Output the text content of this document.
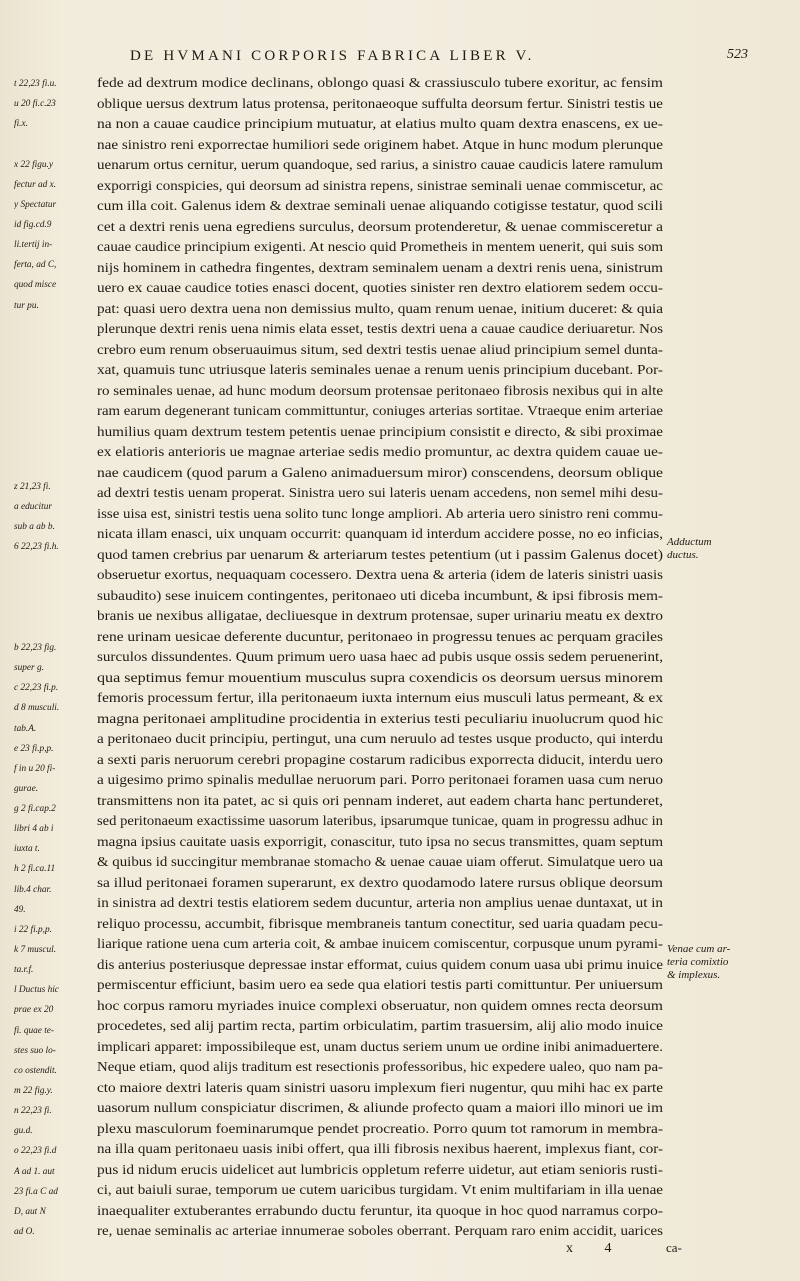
DE HVMANI CORPORIS FABRICA LIBER V.	523
t 22,23 fi.u.
u 20 fi.c.23
fi.x.
x 22 figu.y
fectur ad x.
y Spectatur
id fig.cd.9
li.tertij in-
ferta, ad C,
quod misce
tur pu.
z 21,23 fi.
a educitur
sub a ab b.
6 22,23 fi.h.
b 22,23 fig.
super g.
c 22,23 fi.p.
d 8 musculi.
tab.A.
e 23 fi.p,p.
f in u 20 fi-
gurae.
g 2 fi.cap.2
libri 4 ab i
iuxta t.
h 2 fi.ca.11
lib.4 char.
49.
i 22 fi.p,p.
k 7 muscul.
ta.r.f.
l Ductus hic
prae ex 20
fi. quae te-
stes suo lo-
co ostendit.
m 22 fig.y.
n 22,23 fi.
gu.d.
o 22,23 fi.d
A ad 1. aut
23 fi.a C ad
D, aut N
ad O.
fede ad dextrum modice declinans, oblongo quasi & crassiusculo tubere exoritur, ac fensim
oblique uersus dextrum latus protensa, peritonaeoque suffulta deorsum fertur. Sinistri testis ue
na non a cauae caudice principium mutuatur, at elatius multo quam dextra enascens, ex ue-
nae sinistro reni exporrectae humiliori sede originem habet. Atque in hunc modum plerunque
uenarum ortus cernitur, uerum quandoque, sed rarius, a sinistro cauae caudicis latere ramulum
exporrigi conspicies, qui deorsum ad sinistra repens, sinistrae seminali uenae commiscetur, ac
cum illa coit. Galenus idem & dextrae seminali uenae aliquando cotigisse testatur, quod scili
cet a dextri renis uena egrediens surculus, deorsum protenderetur, & uenae commisceretur a
cauae caudice principium exigenti. At nescio quid Prometheis in mentem uenerit, qui suis som
nijs hominem in cathedra fingentes, dextram seminalem uenam a dextri renis uena, sinistrum
uero ex cauae caudice toties enasci docent, quoties sinister ren dextro elatiorem sedem occu-
pat: quasi uero dextra uena non demissius multo, quam renum uenae, initium duceret: & quia
plerunque dextri renis uena nimis elata esset, testis dextri uena a cauae caudice deriuaretur. Nos
crebro eum renum obseruauimus situm, sed dextri testis uenae aliud principium semel dunta-
xat, quamuis tunc utriusque lateris seminales uenae a renum uenis principium ducebant. Por-
ro seminales uenae, ad hunc modum deorsum protensae peritonaeo fibrosis nexibus qui in alte
ram earum degenerant tunicam committuntur, coniuges arterias sortitae. Vtraeque enim arteriae
humilius quam dextrum testem petentis uenae principium consistit e directo, & sibi proximae
ex elatioris anterioris ue magnae arteriae sedis medio promuntur, ac dextra quidem cauae ue-
nae caudicem (quod parum a Galeno animaduersum miror) conscendens, deorsum oblique
ad dextri testis uenam properat. Sinistra uero sui lateris uenam accedens, non semel mihi desu-
isse uisa est, sinistri testis uena solito tunc longe ampliori. Ab arteria uero sinistro reni commu-
nicata illam enasci, uix unquam occurrit: quanquam id interdum accidere posse, no eo inficias,
quod tamen crebrius par uenarum & arteriarum testes petentium (ut i passim Galenus docet)
obseruetur exortus, nequaquam cocessero. Dextra uena & arteria (idem de lateris sinistri uasis
subaudito) sese inuicem contingentes, peritonaeo uti diceba incumbunt, & ipsi fibrosis mem-
branis ue nexibus alligatae, decliuesque in dextrum protensae, super urinariu meatu ex dextro
rene urinam uesicae deferente ducuntur, peritonaeo in progressu tenues ac perquam graciles
surculos dissundentes. Quum primum uero uasa haec ad pubis usque ossis sedem peruenerint,
qua septimus femur mouentium musculus supra coxendicis os deorsum uersus minorem
femoris processum fertur, illa peritonaeum iuxta internum eius musculi latus permeant, & ex
magna peritonaei amplitudine procidentia in exterius testi peculiariu inuolucrum quod hic
a peritonaeo ducit principiu, pertingut, una cum neruulo ad testes usque producto, qui interdu
a sexti paris neruorum cerebri propagine costarum radicibus exporrecta diducit, interdu uero
a uigesimo primo spinalis medullae neruorum pari. Porro peritonaei foramen uasa cum neruo
transmittens non ita patet, ac si quis ori pennam inderet, aut eadem charta hanc pertunderet,
sed peritonaeum exactissime uasorum lateribus, ipsarumque tunicae, quam in progressu adhuc in
magna ipsius cauitate uasis exporrigit, conascitur, tuto ipsa no secus transmittes, quam septum
& quibus id succingitur membranae stomacho & uenae cauae uiam offerut. Simulatque uero ua
sa illud peritonaei foramen superarunt, ex dextro quodamodo latere rursus oblique deorsum
in sinistra ad dextri testis elatiorem sedem ducuntur, arteria non amplius uenae duntaxat, ut in
reliquo processu, accumbit, fibrisque membraneis tantum conectitur, sed uaria quadam pecu-
liarique ratione uena cum arteria coit, & ambae inuicem comiscentur, corpusque unum pyrami-
dis anterius posteriusque depressae instar efformat, cuius quidem conum uasa ubi primu inuice
permiscentur efficiunt, basim uero ea sede qua elatiori testis parti comittuntur. Per uniuersum
hoc corpus ramoru myriades inuice complexi obseruatur, non quidem omnes recta deorsum
procedetes, sed alij partim recta, partim orbiculatim, partim trasuersim, alij alio modo inuice
implicari apparet: impossibileque est, unam ductus seriem unum ue ordine inibi animaduertere.
Neque etiam, quod alijs traditum est resectionis professoribus, hic expedere ualeo, quo nam pa-
cto maiore dextri lateris quam sinistri uasoru implexum fieri nugentur, quu mihi hac ex parte
uasorum nullum conspiciatur discrimen, & aliunde profecto quam a maiori illo minori ue im
plexu masculorum foeminarumque pendet procreatio. Porro quum tot ramorum in membra-
na illa quam peritonaeu uasis inibi offert, qua illi fibrosis nexibus haerent, implexus fiant, cor-
pus id nidum erucis uidelicet aut lumbricis oppletum referre uidetur, aut etiam senioris rusti-
ci, aut baiuli surae, temporum ue cutem uaricibus turgidam. Vt enim multifariam in illa uenae
inaequaliter extuberantes errabundo ductu feruntur, ita quoque in hoc quod narramus corpo-
re, uenae seminalis ac arteriae innumerae soboles oberrant. Perquam raro enim accidit, uarices
Adductum
ductus.
Venae cum ar-
teria comixtio
& implexus.
x 4	ca-
